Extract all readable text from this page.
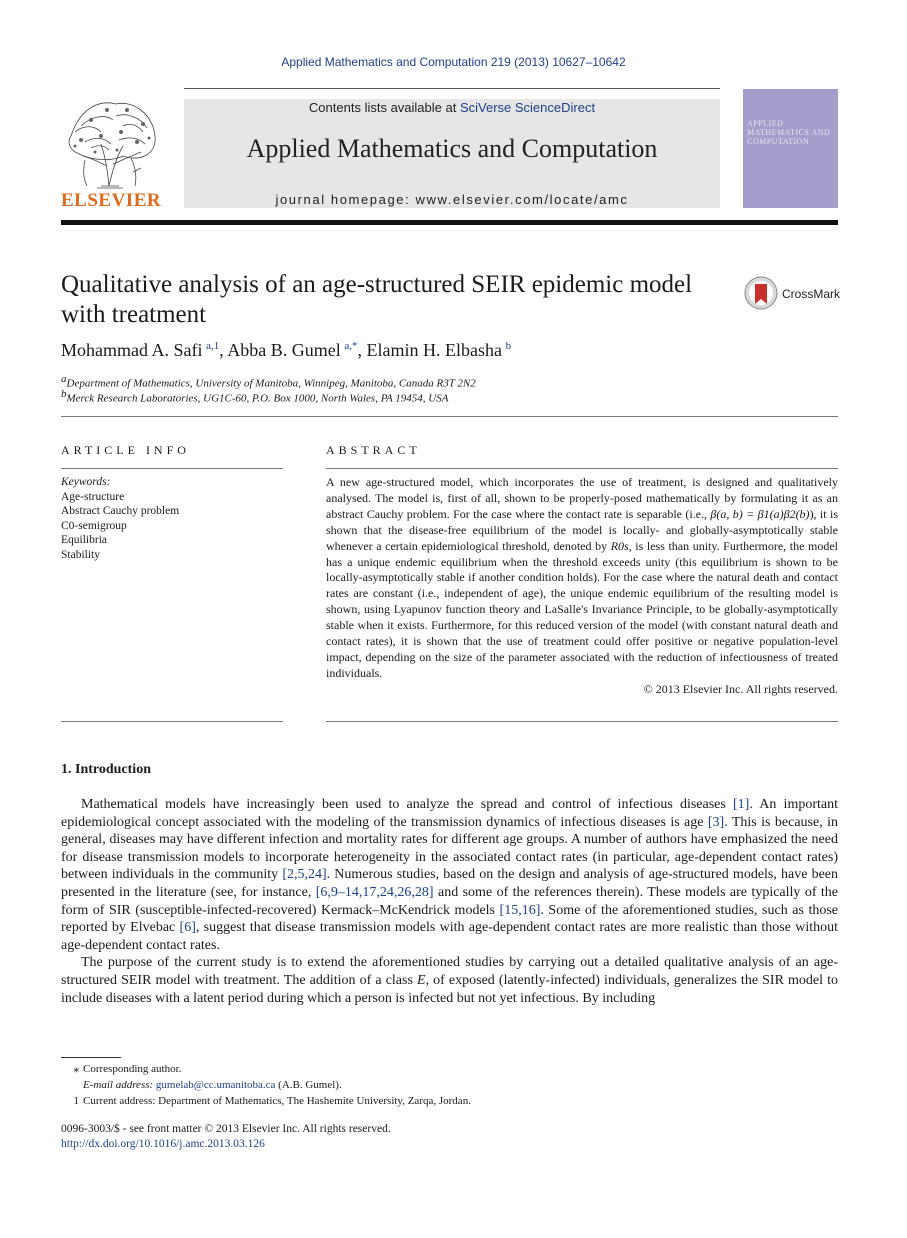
Applied Mathematics and Computation 219 (2013) 10627–10642
ELSEVIER
Contents lists available at SciVerse ScienceDirect
Applied Mathematics and Computation
journal homepage: www.elsevier.com/locate/amc
APPLIED MATHEMATICS AND COMPUTATION
Qualitative analysis of an age-structured SEIR epidemic model with treatment
CrossMark
Mohammad A. Safi  $^{a,1}$, Abba B. Gumel  $^{a,*}$, Elamin H. Elbasha  $^b$
$^a$Department of Mathematics, University of Manitoba, Winnipeg, Manitoba, Canada R3T 2N2
$^b$Merck Research Laboratories, UG1C-60, P.O. Box 1000, North Wales, PA 19454, USA
ARTICLE INFO	ABSTRACT
Keywords:
Age-structure
Abstract Cauchy problem
C0-semigroup
Equilibria
Stability
A new age-structured model, which incorporates the use of treatment, is designed and qualitatively analysed. The model is, first of all, shown to be properly-posed mathematically by formulating it as an abstract Cauchy problem. For the case where the contact rate is separable (i.e., β(a, b) = β1(a)β2(b)), it is shown that the disease-free equilibrium of the model is locally- and globally-asymptotically stable whenever a certain epidemiological threshold, denoted by R0s, is less than unity. Furthermore, the model has a unique endemic equilibrium when the threshold exceeds unity (this equilibrium is shown to be locally-asymptotically stable if another condition holds). For the case where the natural death and contact rates are constant (i.e., independent of age), the unique endemic equilibrium of the resulting model is shown, using Lyapunov function theory and LaSalle's Invariance Principle, to be globally-asymptotically stable when it exists. Furthermore, for this reduced version of the model (with constant natural death and contact rates), it is shown that the use of treatment could offer positive or negative population-level impact, depending on the size of the parameter associated with the reduction of infectiousness of treated individuals.
© 2013 Elsevier Inc. All rights reserved.
1. Introduction

Mathematical models have increasingly been used to analyze the spread and control of infectious diseases [1]. An important epidemiological concept associated with the modeling of the transmission dynamics of infectious diseases is age [3]. This is because, in general, diseases may have different infection and mortality rates for different age groups. A number of authors have emphasized the need for disease transmission models to incorporate heterogeneity in the associated contact rates (in particular, age-dependent contact rates) between individuals in the community [2,5,24]. Numerous studies, based on the design and analysis of age-structured models, have been presented in the literature (see, for instance, [6,9–14,17,24,26,28] and some of the references therein). These models are typically of the form of SIR (susceptible-infected-recovered) Kermack–McKendrick models [15,16]. Some of the aforementioned studies, such as those reported by Elvebac [6], suggest that disease transmission models with age-dependent contact rates are more realistic than those without age-dependent contact rates.

The purpose of the current study is to extend the aforementioned studies by carrying out a detailed qualitative analysis of an age-structured SEIR model with treatment. The addition of a class E, of exposed (latently-infected) individuals, generalizes the SIR model to include diseases with a latent period during which a person is infected but not yet infectious. By including

⁎ Corresponding author.
E-mail address: gumelab@cc.umanitoba.ca (A.B. Gumel).
1 Current address: Department of Mathematics, The Hashemite University, Zarqa, Jordan.
0096-3003/$ - see front matter © 2013 Elsevier Inc. All rights reserved.
http://dx.doi.org/10.1016/j.amc.2013.03.126
